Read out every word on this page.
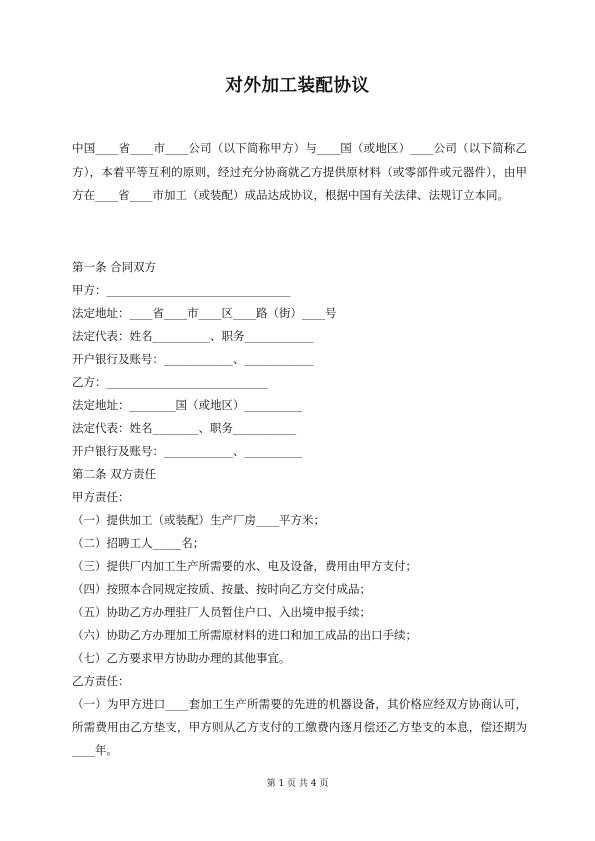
对外加工装配协议
中国____省____市____公司（以下简称甲方）与____国（或地区）____公司（以下简称乙方），本着平等互利的原则，经过充分协商就乙方提供原材料（或零部件或元器件），由甲方在____省____市加工（或装配）成品达成协议，根据中国有关法律、法规订立本同。
第一条 合同双方
甲方：________________________________
法定地址：____省____市____区____路（街）____号
法定代表：姓名__________、职务____________
开户银行及账号：____________、____________
乙方：____________________________
法定地址：________国（或地区）__________
法定代表：姓名________、职务___________
开户银行及账号：____________、__________
第二条 双方责任
甲方责任：
（一）提供加工（或装配）生产厂房____平方米；
（二）招聘工人_____名；
（三）提供厂内加工生产所需要的水、电及设备，费用由甲方支付；
（四）按照本合同规定按质、按量、按时向乙方交付成品；
（五）协助乙方办理驻厂人员暂住户口、入出境申报手续；
（六）协助乙方办理加工所需原材料的进口和加工成品的出口手续；
（七）乙方要求甲方协助办理的其他事宜。
乙方责任：
（一）为甲方进口____套加工生产所需要的先进的机器设备，其价格应经双方协商认可，所需费用由乙方垫支，甲方则从乙方支付的工缴费内逐月偿还乙方垫支的本息，偿还期为____年。
第 1 页 共 4 页
